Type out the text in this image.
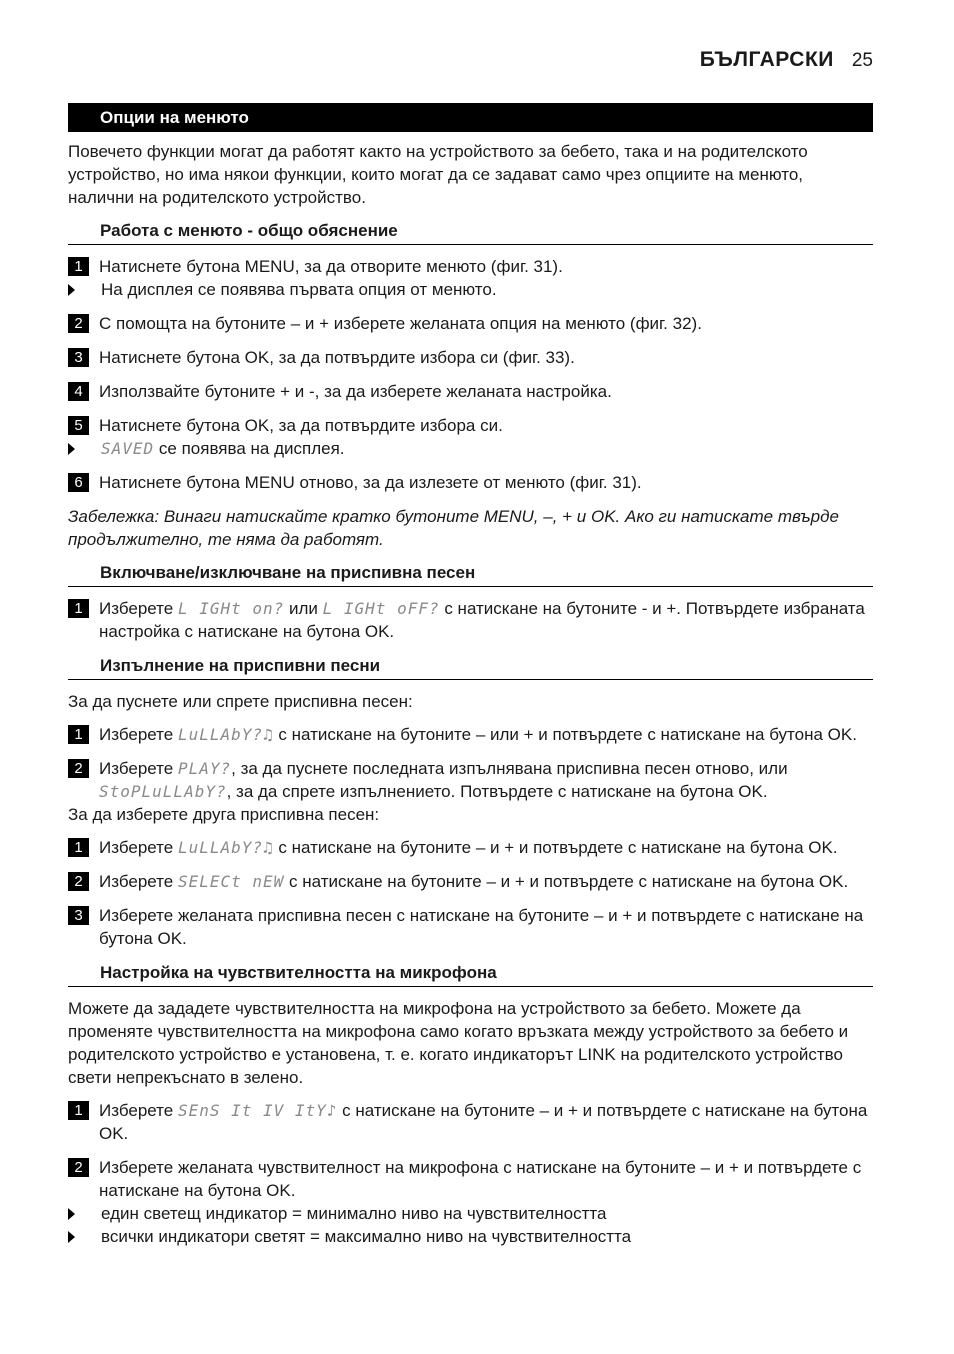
БЪЛГАРСКИ 25
Опции на менюто

Повечето функции могат да работят както на устройството за бебето, така и на родителското устройство, но има някои функции, които могат да се задават само чрез опциите на менюто, налични на родителското устройство.

Работа с менюто - общо обяснение
1 Натиснете бутона MENU, за да отворите менюто (фиг. 31).
На дисплея се появява първата опция от менюто.
2 С помощта на бутоните – и + изберете желаната опция на менюто (фиг. 32).
3 Натиснете бутона OK, за да потвърдите избора си (фиг. 33).
4 Използвайте бутоните + и -, за да изберете желаната настройка.
5 Натиснете бутона OK, за да потвърдите избора си.
SAVED се появява на дисплея.
6 Натиснете бутона MENU отново, за да излезете от менюто (фиг. 31).

Забележка: Винаги натискайте кратко бутоните MENU, –, + и OK. Ако ги натискате твърде продължително, те няма да работят.

Включване/изключване на приспивна песен
1 Изберете L IGHt on? или L IGHt oFF? с натискане на бутоните - и +. Потвърдете избраната настройка с натискане на бутона OK.
Изпълнение на приспивни песни

За да пуснете или спрете приспивна песен:

1 Изберете LuLLAbY?♫ с натискане на бутоните – или + и потвърдете с натискане на бутона OK.
2 Изберете PLAY?, за да пуснете последната изпълнявана приспивна песен отново, или StoPLuLLAbY?, за да спрете изпълнението. Потвърдете с натискане на бутона OK.

За да изберете друга приспивна песен:

1 Изберете LuLLAbY?♫ с натискане на бутоните – и + и потвърдете с натискане на бутона OK.
2 Изберете SELECt nEW с натискане на бутоните – и + и потвърдете с натискане на бутона OK.
3 Изберете желаната приспивна песен с натискане на бутоните – и + и потвърдете с натискане на бутона OK.
Настройка на чувствителността на микрофона

Можете да зададете чувствителността на микрофона на устройството за бебето. Можете да променяте чувствителността на микрофона само когато връзката между устройството за бебето и родителското устройство е установена, т. е. когато индикаторът LINK на родителското устройство свети непрекъснато в зелено.

1 Изберете SEnS It IV ItY♪ с натискане на бутоните – и + и потвърдете с натискане на бутона OK.
2 Изберете желаната чувствителност на микрофона с натискане на бутоните – и + и потвърдете с натискане на бутона OK.
един светещ индикатор = минимално ниво на чувствителността
всички индикатори светят = максимално ниво на чувствителността
